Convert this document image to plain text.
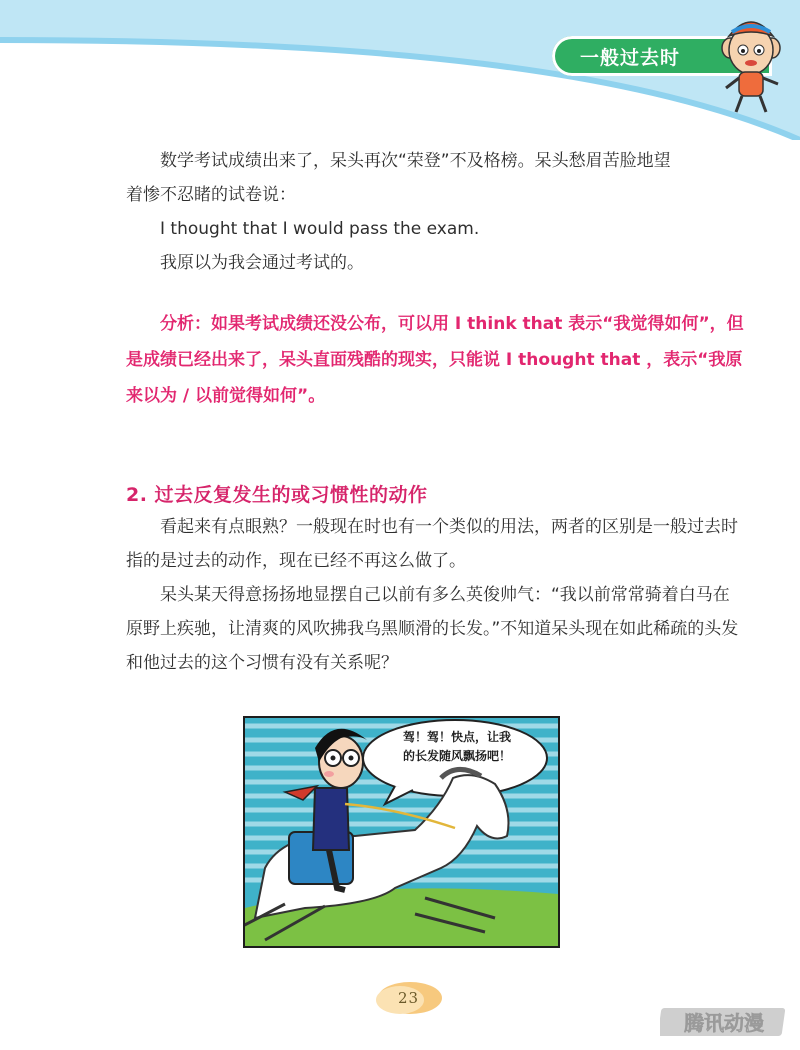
一般过去时

数学考试成绩出来了，呆头再次“荣登”不及格榜。呆头愁眉苦脸地望

着惨不忍睹的试卷说：

I thought that I would pass the exam.

我原以为我会通过考试的。

分析：如果考试成绩还没公布，可以用 I think that 表示“我觉得如何”，但是成绩已经出来了，呆头直面残酷的现实，只能说 I thought that ，表示“我原来以为 / 以前觉得如何”。

2. 过去反复发生的或习惯性的动作

看起来有点眼熟？一般现在时也有一个类似的用法，两者的区别是一般过去时指的是过去的动作，现在已经不再这么做了。

呆头某天得意扬扬地显摆自己以前有多么英俊帅气：“我以前常常骑着白马在原野上疾驰，让清爽的风吹拂我乌黑顺滑的长发。”不知道呆头现在如此稀疏的头发和他过去的这个习惯有没有关系呢？

驾！驾！快点，让我
的长发随风飘扬吧！
23
腾讯动漫
